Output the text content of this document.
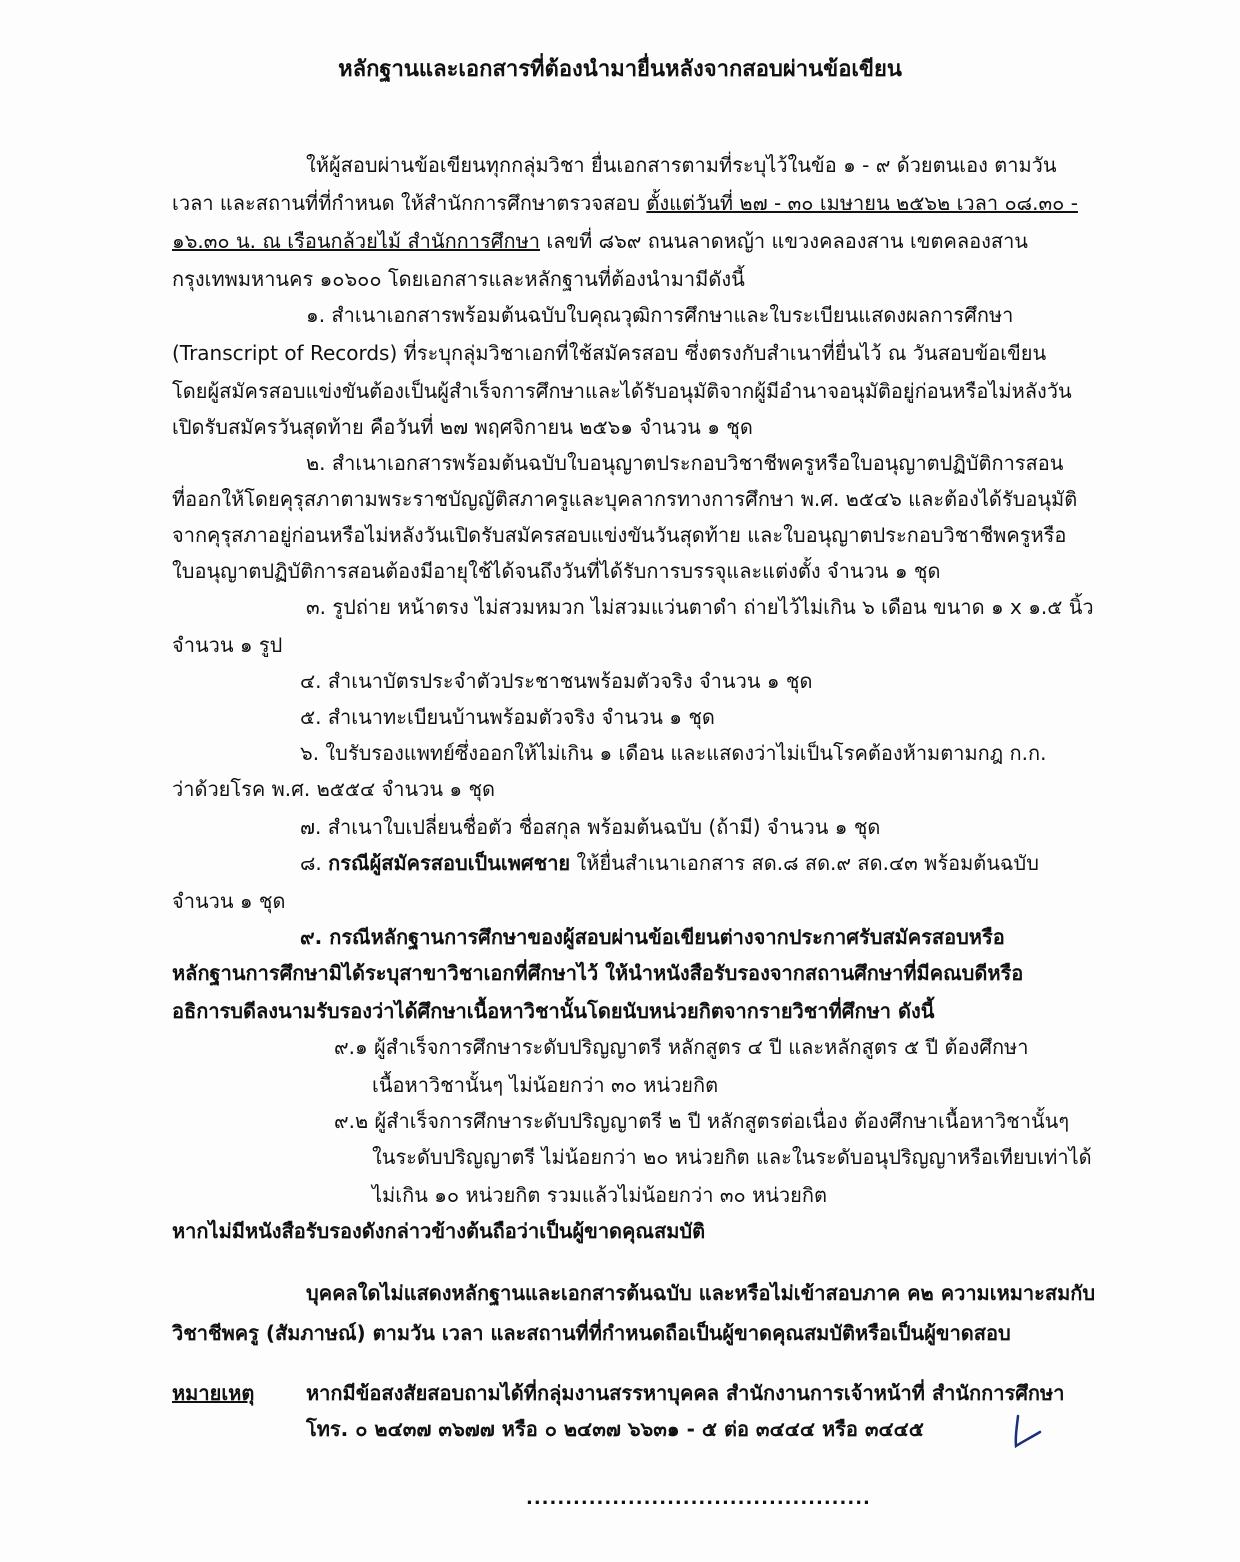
หลักฐานและเอกสารที่ต้องนำมายื่นหลังจากสอบผ่านข้อเขียน
ให้ผู้สอบผ่านข้อเขียนทุกกลุ่มวิชา ยื่นเอกสารตามที่ระบุไว้ในข้อ ๑ - ๙ ด้วยตนเอง ตามวัน
เวลา และสถานที่ที่กำหนด ให้สำนักการศึกษาตรวจสอบ ตั้งแต่วันที่ ๒๗ - ๓๐ เมษายน ๒๕๖๒ เวลา ๐๘.๓๐ -
๑๖.๓๐ น. ณ เรือนกล้วยไม้ สำนักการศึกษา เลขที่ ๘๖๙ ถนนลาดหญ้า แขวงคลองสาน เขตคลองสาน
กรุงเทพมหานคร ๑๐๖๐๐ โดยเอกสารและหลักฐานที่ต้องนำมามีดังนี้
๑. สำเนาเอกสารพร้อมต้นฉบับใบคุณวุฒิการศึกษาและใบระเบียนแสดงผลการศึกษา
(Transcript of Records) ที่ระบุกลุ่มวิชาเอกที่ใช้สมัครสอบ ซึ่งตรงกับสำเนาที่ยื่นไว้ ณ วันสอบข้อเขียน
โดยผู้สมัครสอบแข่งขันต้องเป็นผู้สำเร็จการศึกษาและได้รับอนุมัติจากผู้มีอำนาจอนุมัติอยู่ก่อนหรือไม่หลังวัน
เปิดรับสมัครวันสุดท้าย คือวันที่ ๒๗ พฤศจิกายน ๒๕๖๑ จำนวน ๑ ชุด
๒. สำเนาเอกสารพร้อมต้นฉบับใบอนุญาตประกอบวิชาชีพครูหรือใบอนุญาตปฏิบัติการสอน
ที่ออกให้โดยคุรุสภาตามพระราชบัญญัติสภาครูและบุคลากรทางการศึกษา พ.ศ. ๒๕๔๖ และต้องได้รับอนุมัติ
จากคุรุสภาอยู่ก่อนหรือไม่หลังวันเปิดรับสมัครสอบแข่งขันวันสุดท้าย และใบอนุญาตประกอบวิชาชีพครูหรือ
ใบอนุญาตปฏิบัติการสอนต้องมีอายุใช้ได้จนถึงวันที่ได้รับการบรรจุและแต่งตั้ง จำนวน ๑ ชุด
๓. รูปถ่าย หน้าตรง ไม่สวมหมวก ไม่สวมแว่นตาดำ ถ่ายไว้ไม่เกิน ๖ เดือน ขนาด ๑ x ๑.๕ นิ้ว
จำนวน ๑ รูป
๔. สำเนาบัตรประจำตัวประชาชนพร้อมตัวจริง จำนวน ๑ ชุด
๕. สำเนาทะเบียนบ้านพร้อมตัวจริง จำนวน ๑ ชุด
๖. ใบรับรองแพทย์ซึ่งออกให้ไม่เกิน ๑ เดือน และแสดงว่าไม่เป็นโรคต้องห้ามตามกฎ ก.ก.
ว่าด้วยโรค พ.ศ. ๒๕๕๔ จำนวน ๑ ชุด
๗. สำเนาใบเปลี่ยนชื่อตัว ชื่อสกุล พร้อมต้นฉบับ (ถ้ามี) จำนวน ๑ ชุด
๘. กรณีผู้สมัครสอบเป็นเพศชาย ให้ยื่นสำเนาเอกสาร สด.๘ สด.๙ สด.๔๓ พร้อมต้นฉบับ
จำนวน ๑ ชุด
๙. กรณีหลักฐานการศึกษาของผู้สอบผ่านข้อเขียนต่างจากประกาศรับสมัครสอบหรือ
หลักฐานการศึกษามิได้ระบุสาขาวิชาเอกที่ศึกษาไว้ ให้นำหนังสือรับรองจากสถานศึกษาที่มีคณบดีหรือ
อธิการบดีลงนามรับรองว่าได้ศึกษาเนื้อหาวิชานั้นโดยนับหน่วยกิตจากรายวิชาที่ศึกษา ดังนี้
๙.๑ ผู้สำเร็จการศึกษาระดับปริญญาตรี หลักสูตร ๔ ปี และหลักสูตร ๕ ปี ต้องศึกษา
เนื้อหาวิชานั้นๆ ไม่น้อยกว่า ๓๐ หน่วยกิต
๙.๒ ผู้สำเร็จการศึกษาระดับปริญญาตรี ๒ ปี หลักสูตรต่อเนื่อง ต้องศึกษาเนื้อหาวิชานั้นๆ
ในระดับปริญญาตรี ไม่น้อยกว่า ๒๐ หน่วยกิต และในระดับอนุปริญญาหรือเทียบเท่าได้
ไม่เกิน ๑๐ หน่วยกิต รวมแล้วไม่น้อยกว่า ๓๐ หน่วยกิต
หากไม่มีหนังสือรับรองดังกล่าวข้างต้นถือว่าเป็นผู้ขาดคุณสมบัติ
บุคคลใดไม่แสดงหลักฐานและเอกสารต้นฉบับ และหรือไม่เข้าสอบภาค ค๒ ความเหมาะสมกับ
วิชาชีพครู (สัมภาษณ์) ตามวัน เวลา และสถานที่ที่กำหนดถือเป็นผู้ขาดคุณสมบัติหรือเป็นผู้ขาดสอบ
หมายเหตุ	หากมีข้อสงสัยสอบถามได้ที่กลุ่มงานสรรหาบุคคล สำนักงานการเจ้าหน้าที่ สำนักการศึกษา
โทร. ๐ ๒๔๓๗ ๓๖๗๗ หรือ ๐ ๒๔๓๗ ๖๖๓๑ - ๕ ต่อ ๓๔๔๔ หรือ ๓๔๔๕
............................................
